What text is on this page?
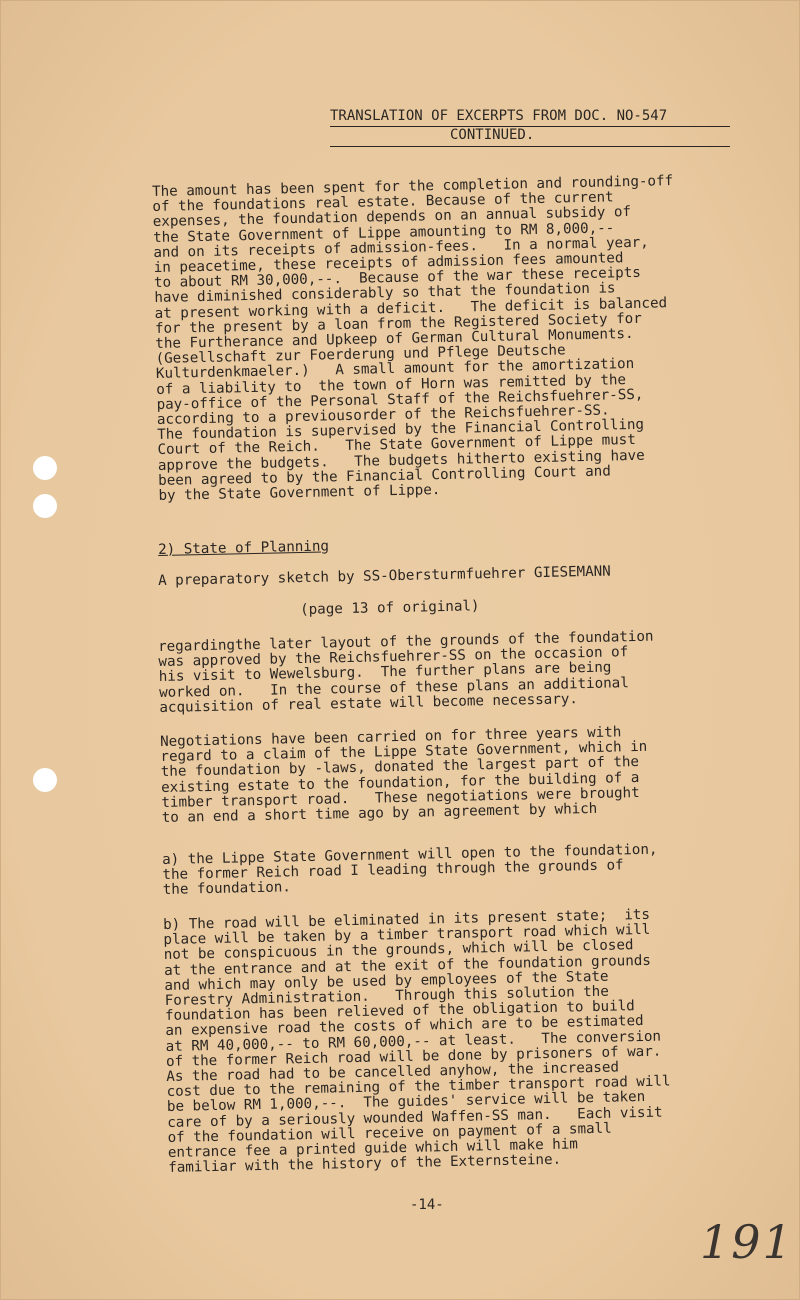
TRANSLATION OF EXCERPTS FROM DOC. NO-547
CONTINUED.
The amount has been spent for the completion and rounding-off
of the foundations real estate. Because of the current
expenses, the foundation depends on an annual subsidy of
the State Government of Lippe amounting to RM 8,000,--
and on its receipts of admission-fees.   In a normal year,
in peacetime, these receipts of admission fees amounted
to about RM 30,000,--.  Because of the war these receipts
have diminished considerably so that the foundation is
at present working with a deficit.   The deficit is balanced
for the present by a loan from the Registered Society for
the Furtherance and Upkeep of German Cultural Monuments.
(Gesellschaft zur Foerderung und Pflege Deutsche
Kulturdenkmaeler.)   A small amount for the amortization
of a liability to  the town of Horn was remitted by the
pay-office of the Personal Staff of the Reichsfuehrer-SS,
according to a previousorder of the Reichsfuehrer-SS.
The foundation is supervised by the Financial Controlling
Court of the Reich.   The State Government of Lippe must
approve the budgets.   The budgets hitherto existing have
been agreed to by the Financial Controlling Court and
by the State Government of Lippe.
2) State of Planning
A preparatory sketch by SS-Obersturmfuehrer GIESEMANN
(page 13 of original)
regardingthe later layout of the grounds of the foundation
was approved by the Reichsfuehrer-SS on the occasion of
his visit to Wewelsburg.  The further plans are being
worked on.   In the course of these plans an additional
acquisition of real estate will become necessary.
Negotiations have been carried on for three years with
regard to a claim of the Lippe State Government, which in
the foundation by -laws, donated the largest part of the
existing estate to the foundation, for the building of a
timber transport road.   These negotiations were brought
to an end a short time ago by an agreement by which
a) the Lippe State Government will open to the foundation,
the former Reich road I leading through the grounds of
the foundation.
b) The road will be eliminated in its present state;  its
place will be taken by a timber transport road which will
not be conspicuous in the grounds, which will be closed
at the entrance and at the exit of the foundation grounds
and which may only be used by employees of the State
Forestry Administration.   Through this solution the
foundation has been relieved of the obligation to build
an expensive road the costs of which are to be estimated
at RM 40,000,-- to RM 60,000,-- at least.   The conversion
of the former Reich road will be done by prisoners of war.
As the road had to be cancelled anyhow, the increased
cost due to the remaining of the timber transport road will
be below RM 1,000,--.  The guides' service will be taken
care of by a seriously wounded Waffen-SS man.   Each visit
of the foundation will receive on payment of a small
entrance fee a printed guide which will make him
familiar with the history of the Externsteine.
-14-
191
